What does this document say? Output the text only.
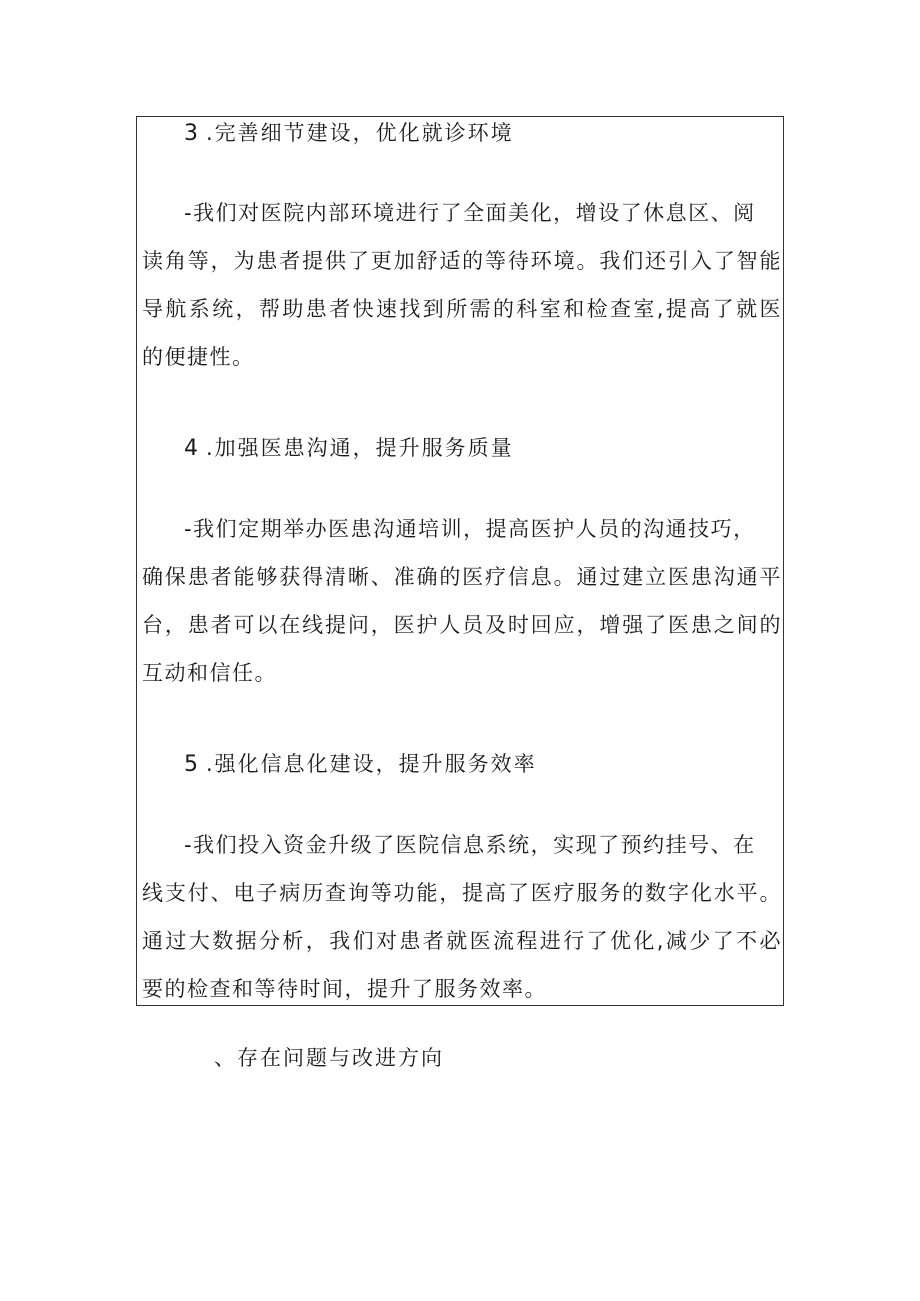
3 .完善细节建设，优化就诊环境
-我们对医院内部环境进行了全面美化，增设了休息区、阅
读角等，为患者提供了更加舒适的等待环境。我们还引入了智能
导航系统，帮助患者快速找到所需的科室和检查室,提高了就医
的便捷性。
4 .加强医患沟通，提升服务质量
-我们定期举办医患沟通培训，提高医护人员的沟通技巧，
确保患者能够获得清晰、准确的医疗信息。通过建立医患沟通平
台，患者可以在线提问，医护人员及时回应，增强了医患之间的
互动和信任。
5 .强化信息化建设，提升服务效率
-我们投入资金升级了医院信息系统，实现了预约挂号、在
线支付、电子病历查询等功能，提高了医疗服务的数字化水平。
通过大数据分析，我们对患者就医流程进行了优化,减少了不必
要的检查和等待时间，提升了服务效率。
、存在问题与改进方向
